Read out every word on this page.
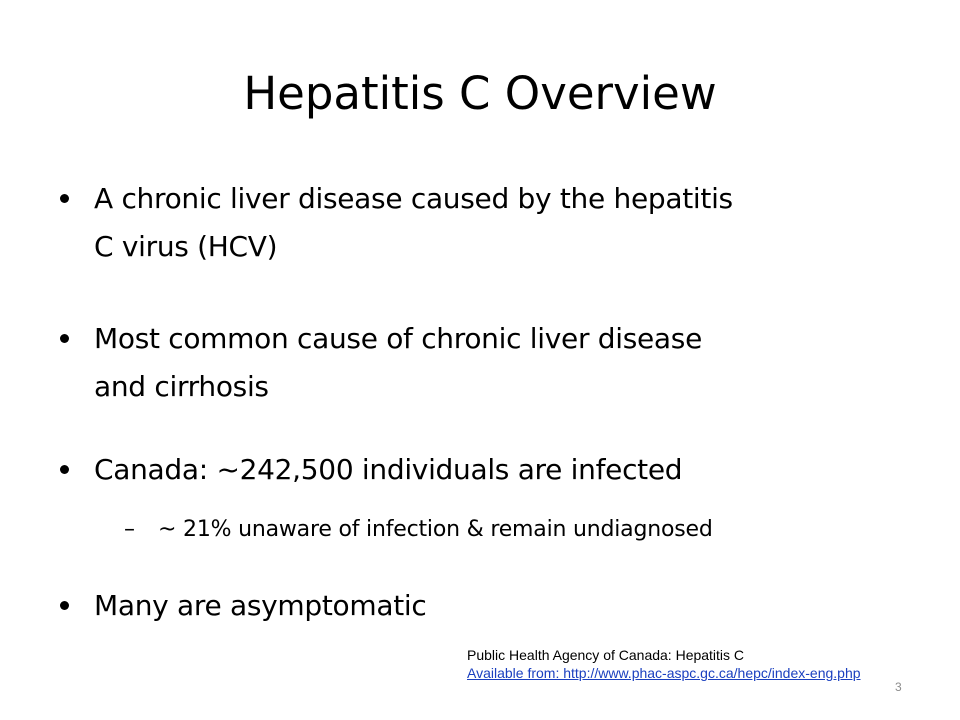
Hepatitis C Overview
A chronic liver disease caused by the hepatitis
C virus (HCV)
Most common cause of chronic liver disease
and cirrhosis
Canada: ~242,500 individuals are infected
– ~ 21% unaware of infection & remain undiagnosed
Many are asymptomatic
Public Health Agency of Canada: Hepatitis C
Available from: http://www.phac-aspc.gc.ca/hepc/index-eng.php
3
